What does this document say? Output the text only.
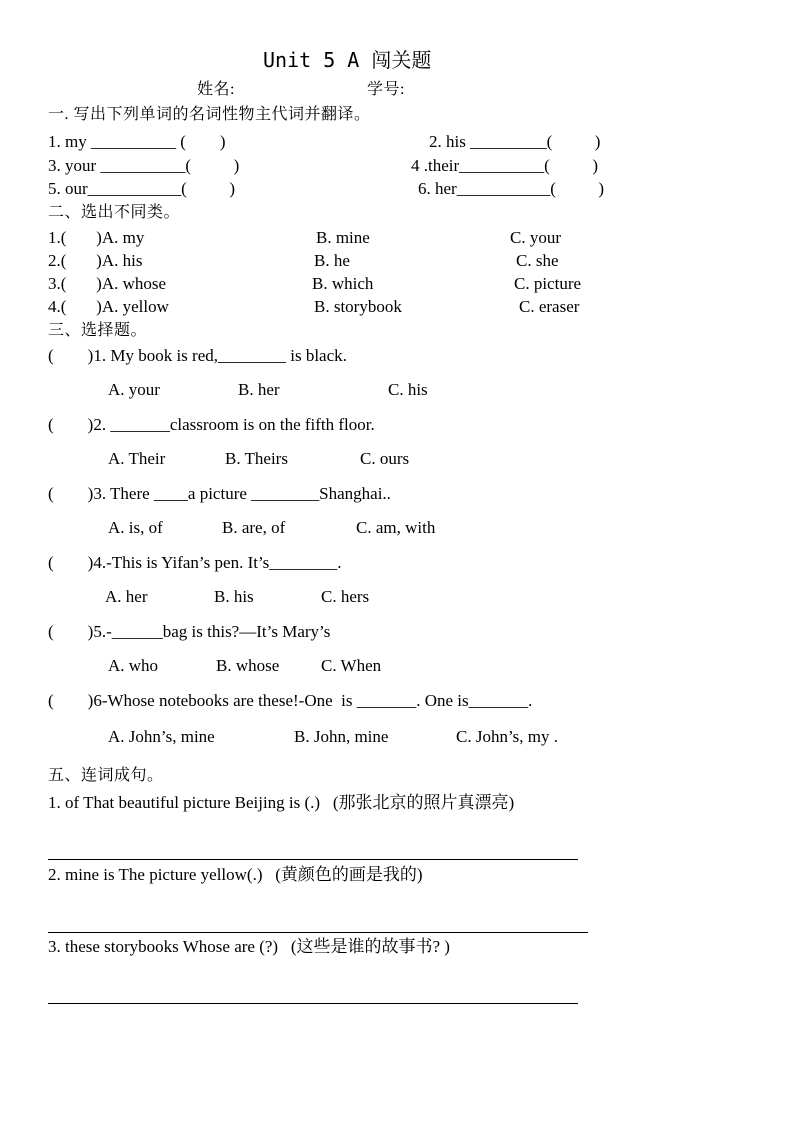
Unit 5 A 闯关题
姓名:	学号:
一. 写出下列单词的名词性物主代词并翻译。
1. my __________ (        )	2. his _________(          )
3. your __________(          )	4 .their__________(          )
5. our___________(          )	6. her___________(          )
二、选出不同类。
1.(       )A. my	B. mine	C. your
2.(       )A. his	B. he	C. she
3.(       )A. whose	B. which	C. picture
4.(       )A. yellow	B. storybook	C. eraser
三、选择题。
(        )1. My book is red,________ is black.
A. your	B. her	C. his
(        )2. _______classroom is on the fifth floor.
A. Their	B. Theirs	C. ours
(        )3. There ____a picture ________Shanghai..
A. is, of	B. are, of	C. am, with
(        )4.-This is Yifan’s pen. It’s________.
A. her	B. his	C. hers
(        )5.-______bag is this?—It’s Mary’s
A. who	B. whose C. When
(        )6-Whose notebooks are these!-One  is _______. One is_______.
A. John’s, mine	B. John, mine	C. John’s, my .
五、连词成句。
1. of That beautiful picture Beijing is (.)   (那张北京的照片真漂亮)
2. mine is The picture yellow(.)   (黄颜色的画是我的)
3. these storybooks Whose are (?)   (这些是谁的故事书? )
